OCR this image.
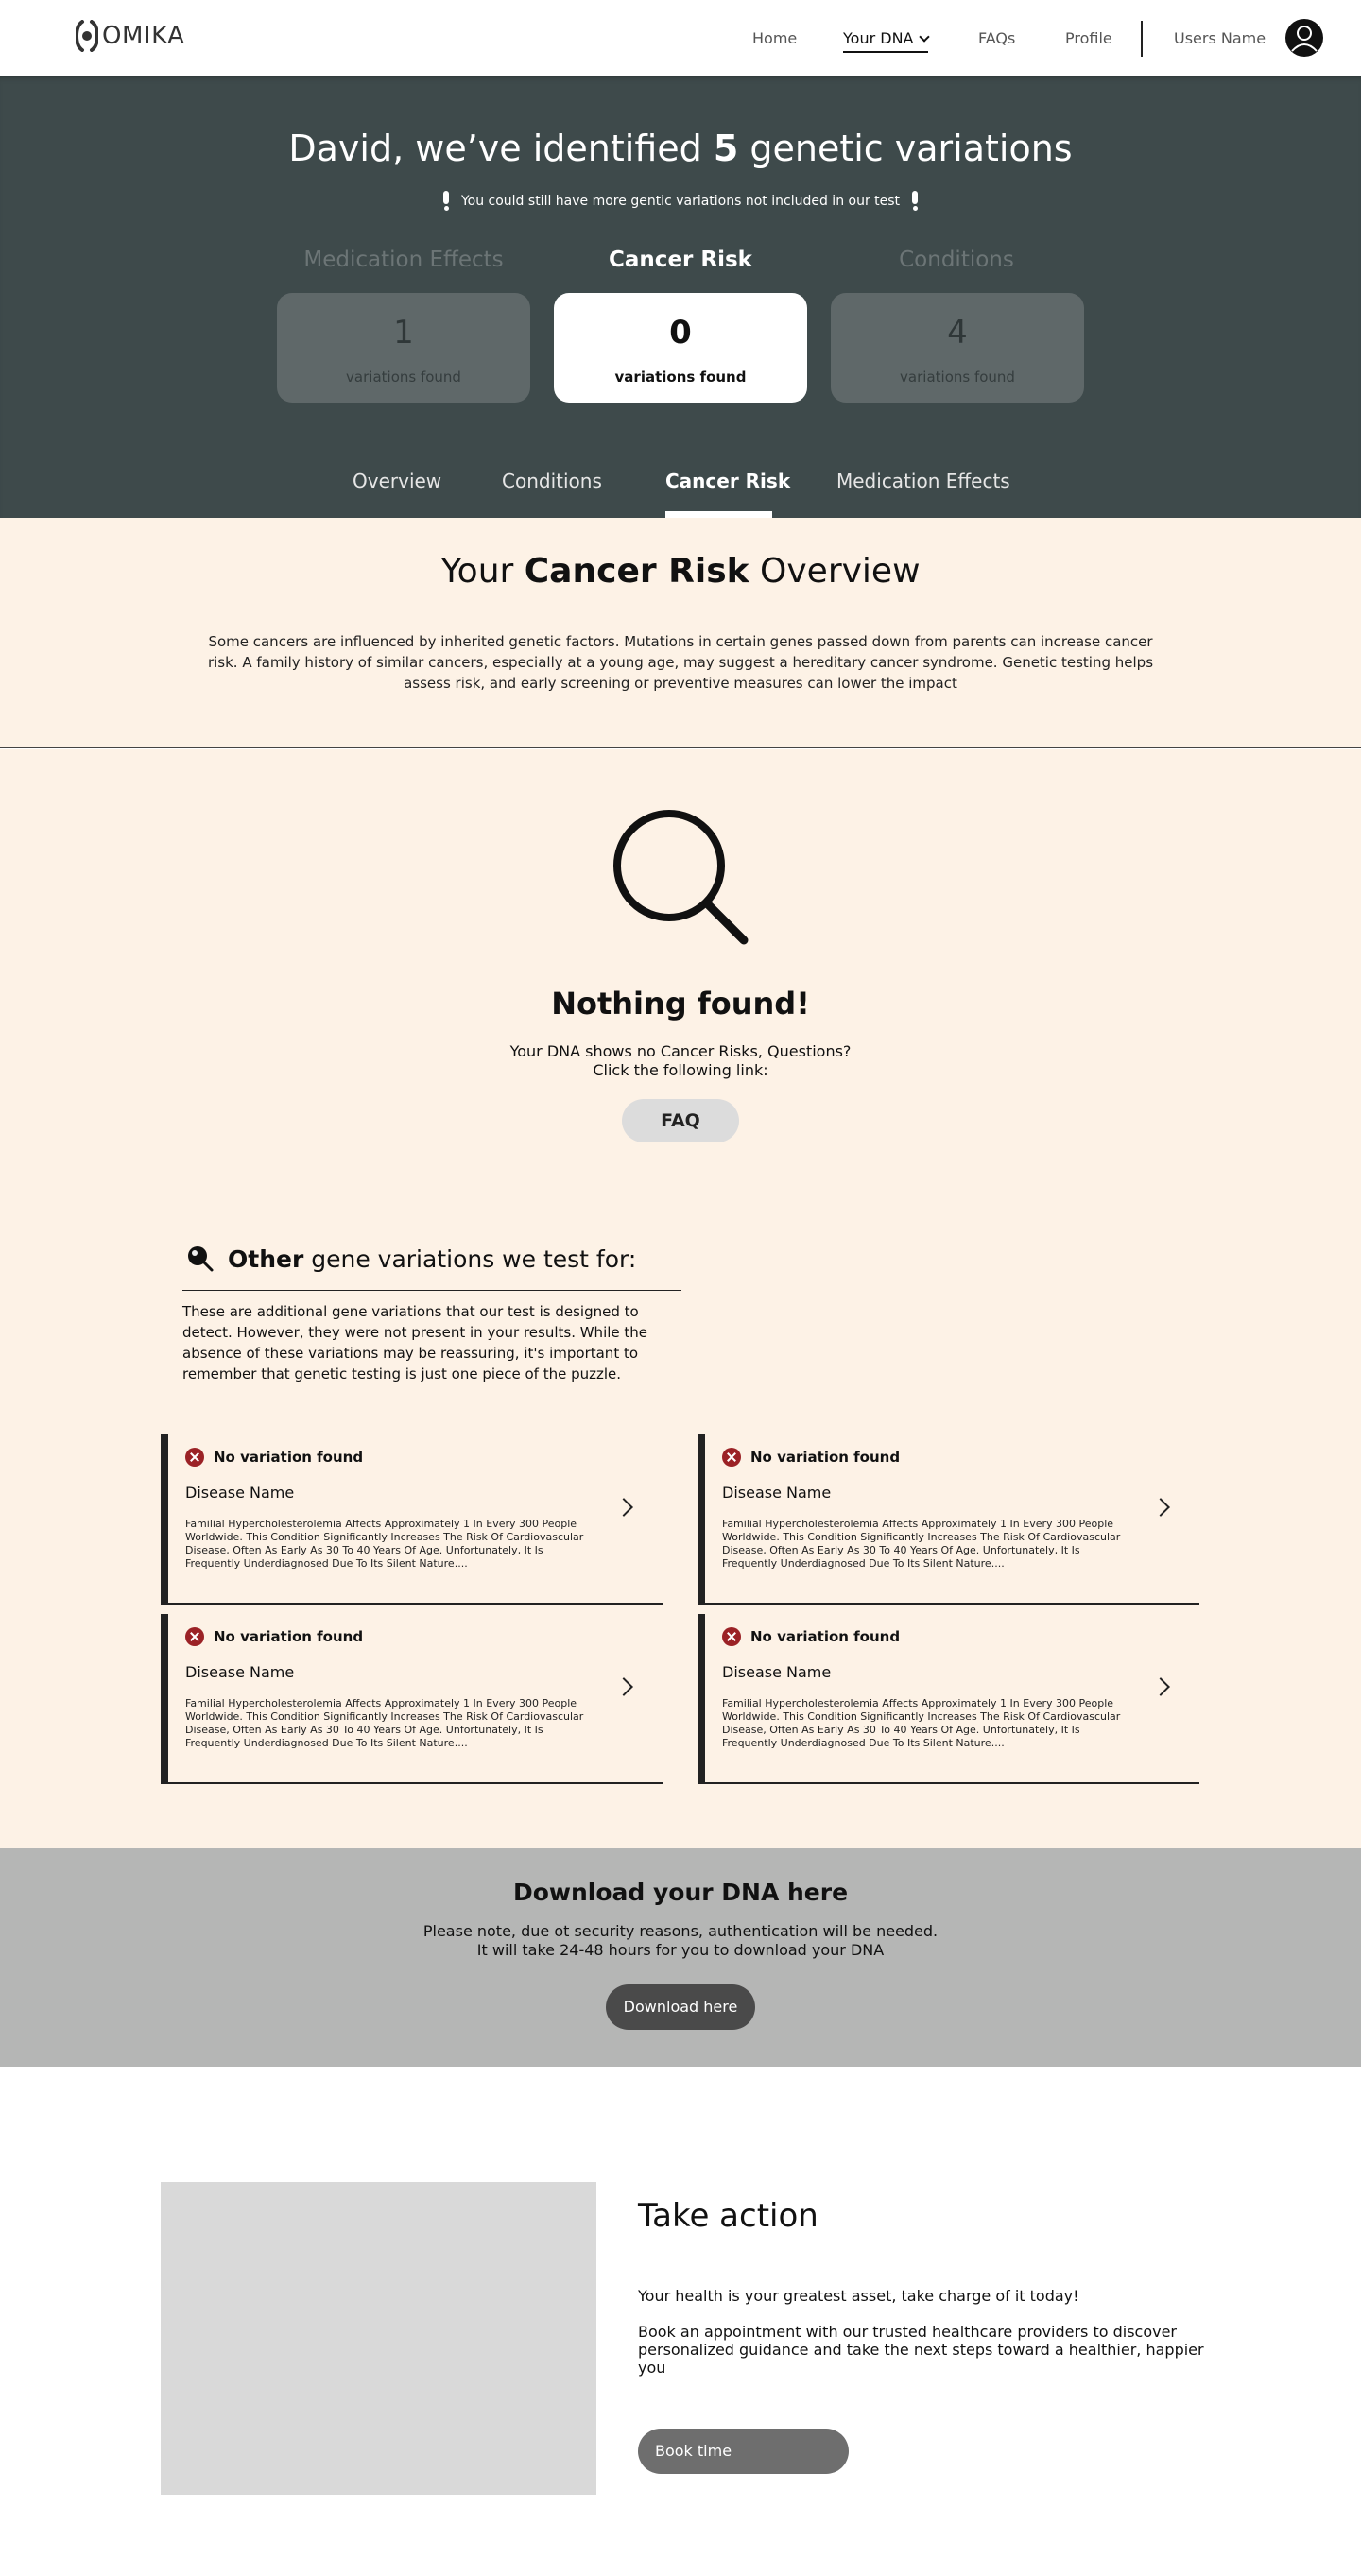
OMIKA	Home	Your DNA	FAQs	Profile	Users Name
David, we’ve identified 5 genetic variations
You could still have more gentic variations not included in our test
Medication Effects	Cancer Risk	Conditions
1
variations found
0
variations found
4
variations found
Overview	Conditions	Cancer Risk Medication Effects
Your Cancer Risk Overview
Some cancers are influenced by inherited genetic factors. Mutations in certain genes passed down from parents can increase cancer risk. A family history of similar cancers, especially at a young age, may suggest a hereditary cancer syndrome. Genetic testing helps assess risk, and early screening or preventive measures can lower the impact
Nothing found!
Your DNA shows no Cancer Risks, Questions?
Click the following link:
FAQ
Other gene variations we test for:
These are additional gene variations that our test is designed to detect. However, they were not present in your results. While the absence of these variations may be reassuring, it's important to remember that genetic testing is just one piece of the puzzle.
No variation found
Disease Name
Familial Hypercholesterolemia Affects Approximately 1 In Every 300 People Worldwide. This Condition Significantly Increases The Risk Of Cardiovascular Disease, Often As Early As 30 To 40 Years Of Age. Unfortunately, It Is Frequently Underdiagnosed Due To Its Silent Nature....
No variation found
Disease Name
Familial Hypercholesterolemia Affects Approximately 1 In Every 300 People Worldwide. This Condition Significantly Increases The Risk Of Cardiovascular Disease, Often As Early As 30 To 40 Years Of Age. Unfortunately, It Is Frequently Underdiagnosed Due To Its Silent Nature....
No variation found
Disease Name
Familial Hypercholesterolemia Affects Approximately 1 In Every 300 People Worldwide. This Condition Significantly Increases The Risk Of Cardiovascular Disease, Often As Early As 30 To 40 Years Of Age. Unfortunately, It Is Frequently Underdiagnosed Due To Its Silent Nature....
No variation found
Disease Name
Familial Hypercholesterolemia Affects Approximately 1 In Every 300 People Worldwide. This Condition Significantly Increases The Risk Of Cardiovascular Disease, Often As Early As 30 To 40 Years Of Age. Unfortunately, It Is Frequently Underdiagnosed Due To Its Silent Nature....
Download your DNA here
Please note, due ot security reasons, authentication will be needed.
It will take 24-48 hours for you to download your DNA
Download here
Take action
Your health is your greatest asset, take charge of it today!
Book an appointment with our trusted healthcare providers to discover personalized guidance and take the next steps toward a healthier, happier you
Book time
